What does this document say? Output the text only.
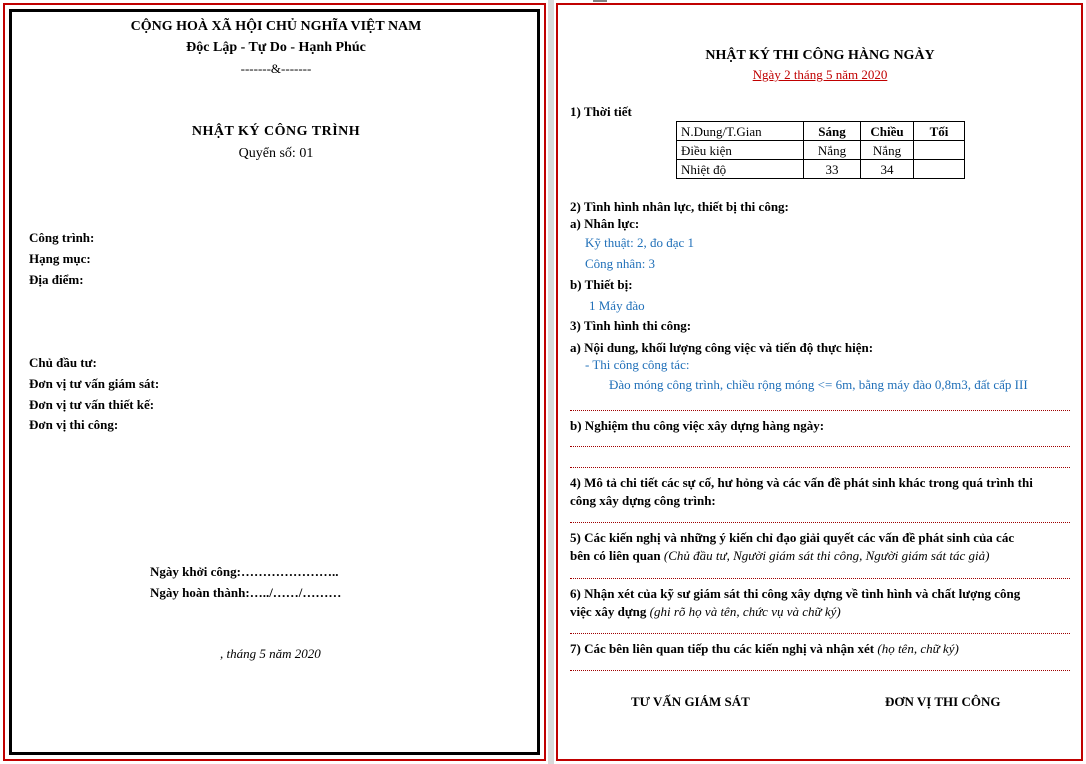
CỘNG HOÀ XÃ HỘI CHỦ NGHĨA VIỆT NAM
Độc Lập - Tự Do - Hạnh Phúc
-------&-------
NHẬT KÝ CÔNG TRÌNH
Quyển số: 01
Công trình:
Hạng mục:
Địa điểm:
Chủ đầu tư:
Đơn vị tư vấn giám sát:
Đơn vị tư vấn thiết kế:
Đơn vị thi công:
Ngày khởi công:…………………..
Ngày hoàn thành:…../……/………
, tháng 5 năm 2020
NHẬT KÝ THI CÔNG HÀNG NGÀY
Ngày 2 tháng 5 năm 2020
1) Thời tiết
N.Dung/T.Gian	Sáng	Chiều	Tối
Điều kiện	Nắng	Nắng	
Nhiệt độ	33	34	
2) Tình hình nhân lực, thiết bị thi công:
a) Nhân lực:
Kỹ thuật: 2, đo đạc 1
Công nhân: 3
b) Thiết bị:
1 Máy đào
3) Tình hình thi công:
a) Nội dung, khối lượng công việc và tiến độ thực hiện:
- Thi công công tác:
Đào móng công trình, chiều rộng móng <= 6m, bằng máy đào 0,8m3, đất cấp III
b) Nghiệm thu công việc xây dựng hàng ngày:
4) Mô tả chi tiết các sự cố, hư hỏng và các vấn đề phát sinh khác trong quá trình thi
công xây dựng công trình:
5) Các kiến nghị và những ý kiến chỉ đạo giải quyết các vấn đề phát sinh của các
bên có liên quan (Chủ đầu tư, Người giám sát thi công, Người giám sát tác giả)
6) Nhận xét của kỹ sư giám sát thi công xây dựng về tình hình và chất lượng công
việc xây dựng (ghi rõ họ và tên, chức vụ và chữ ký)
7) Các bên liên quan tiếp thu các kiến nghị và nhận xét (họ tên, chữ ký)
TƯ VẤN GIÁM SÁT	ĐƠN VỊ THI CÔNG
